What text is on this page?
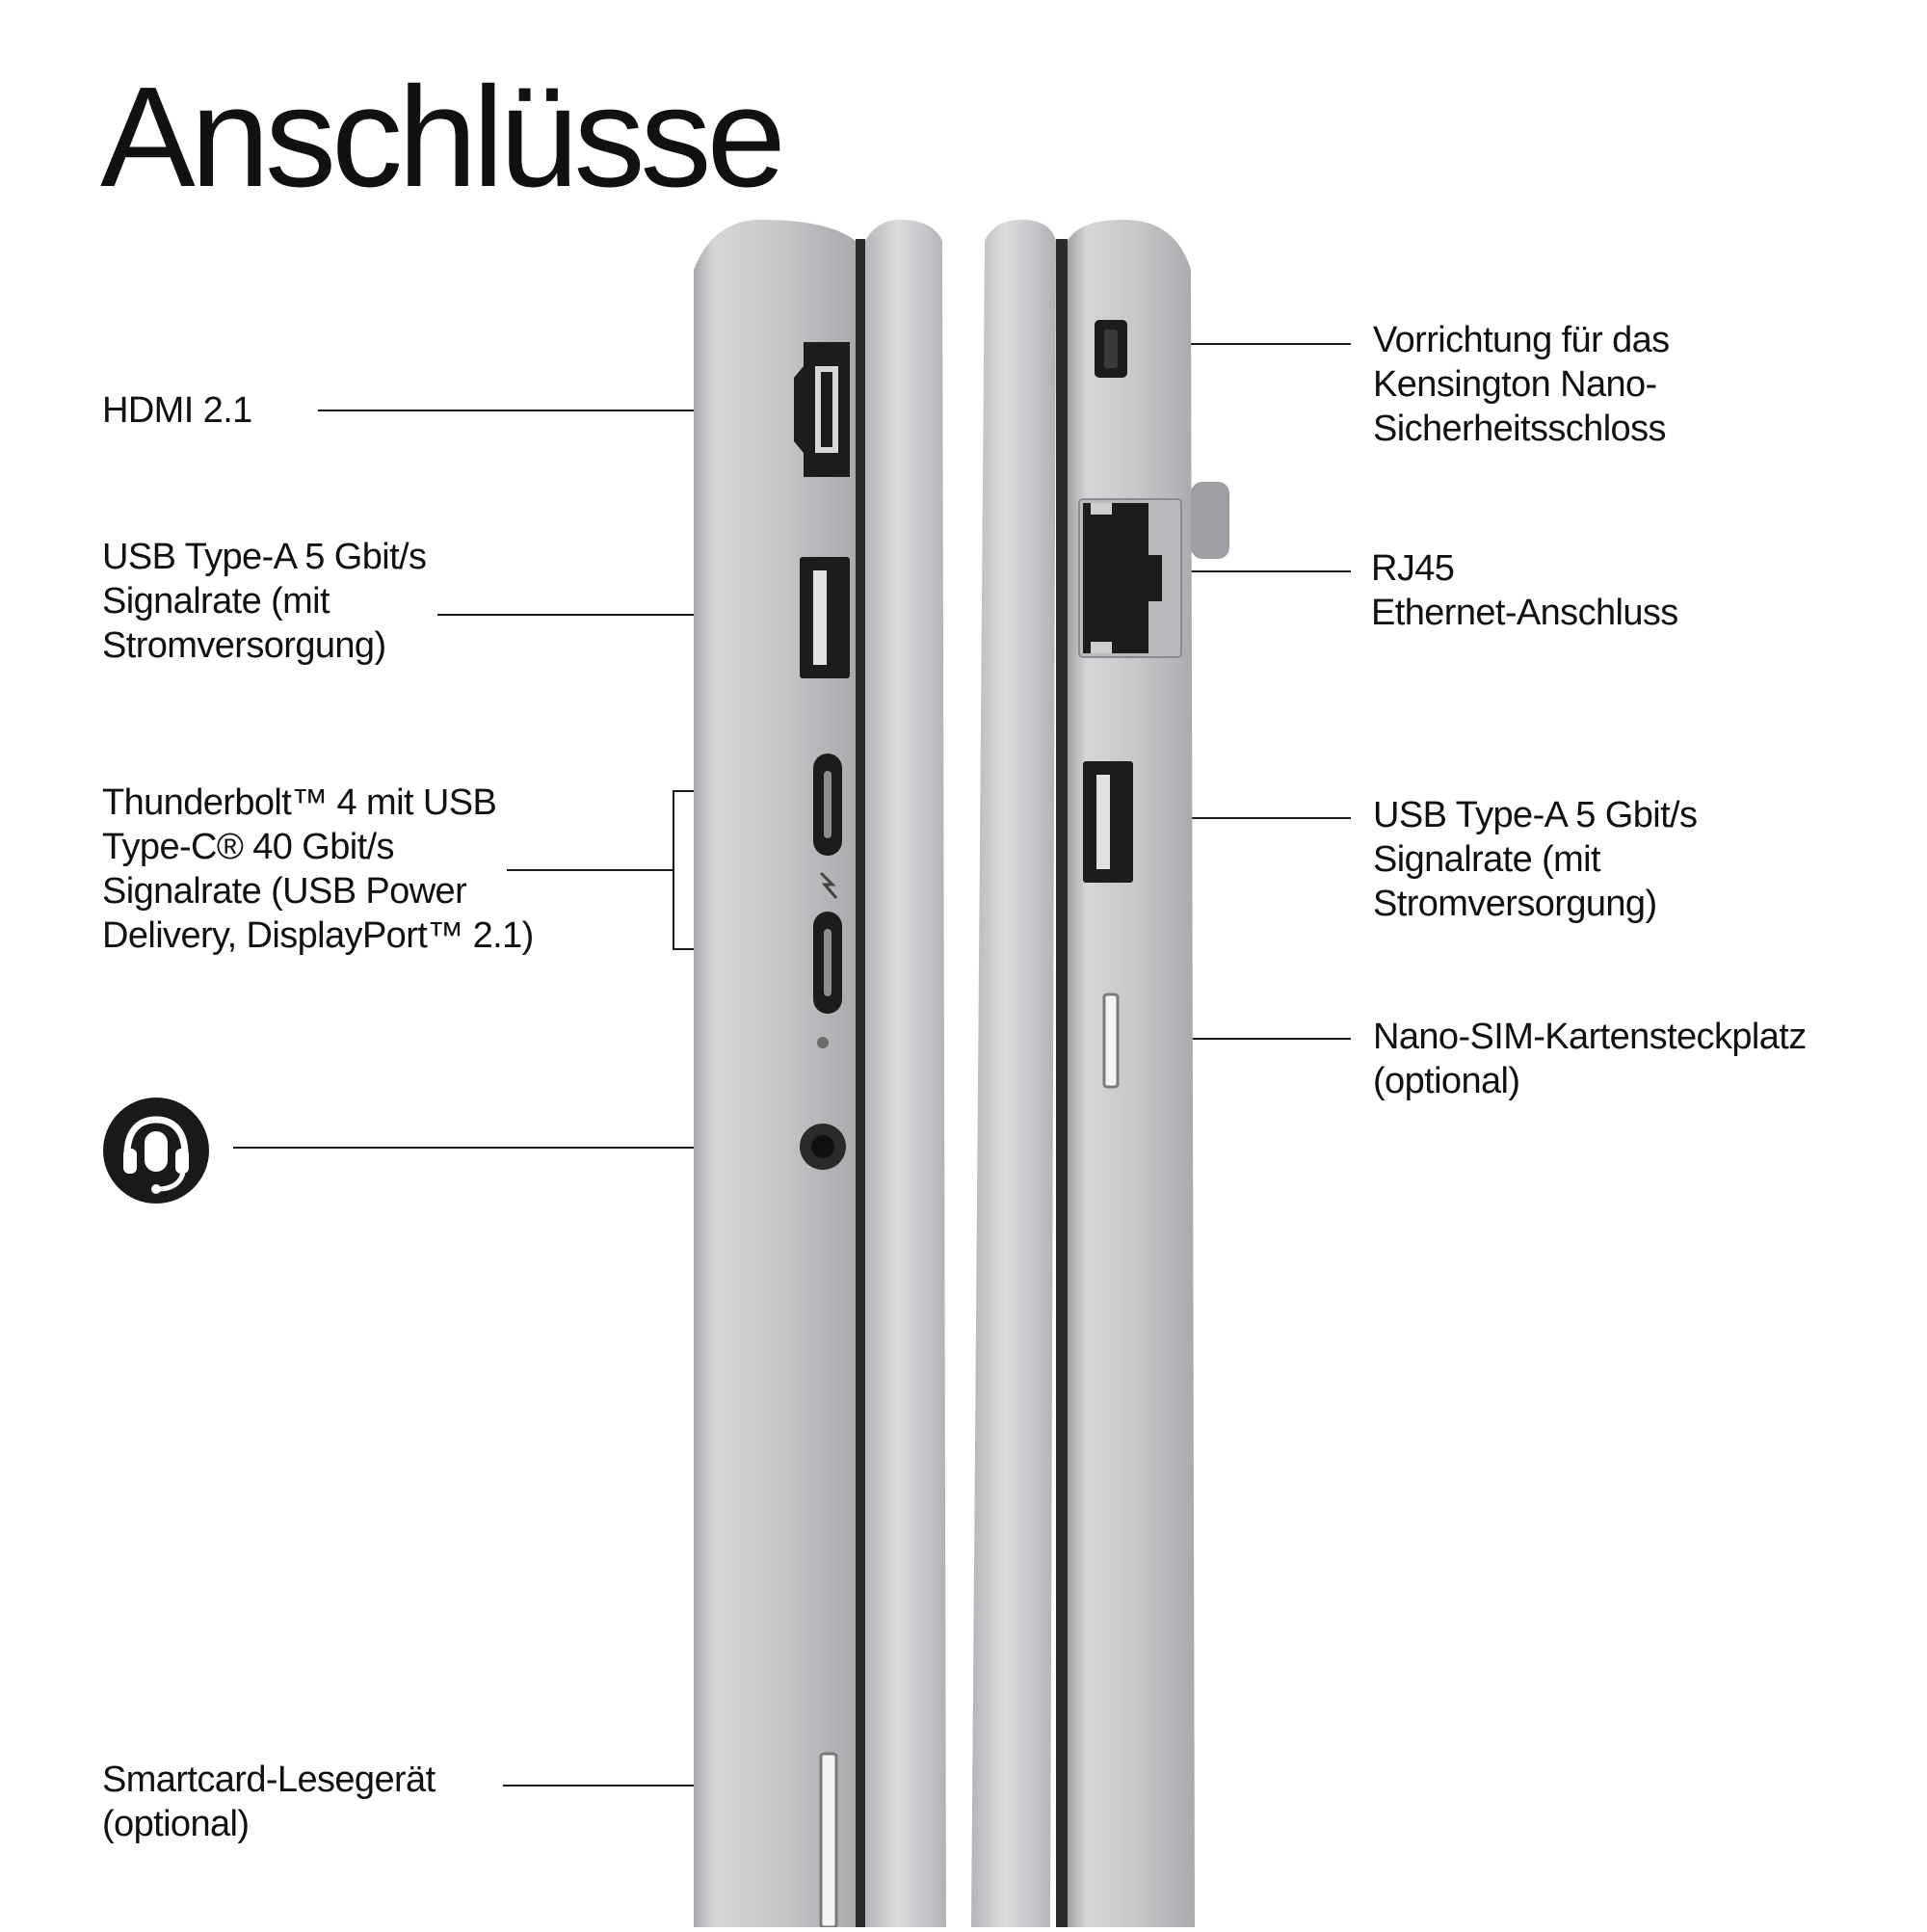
Anschlüsse
HDMI 2.1
USB Type-A 5 Gbit/s
Signalrate (mit
Stromversorgung)
Thunderbolt™ 4 mit USB
Type-C® 40 Gbit/s
Signalrate (USB Power
Delivery, DisplayPort™ 2.1)
Smartcard-Lesegerät
(optional)
Vorrichtung für das
Kensington Nano-
Sicherheitsschloss
RJ45
Ethernet-Anschluss
USB Type-A 5 Gbit/s
Signalrate (mit
Stromversorgung)
Nano-SIM-Kartensteckplatz
(optional)
